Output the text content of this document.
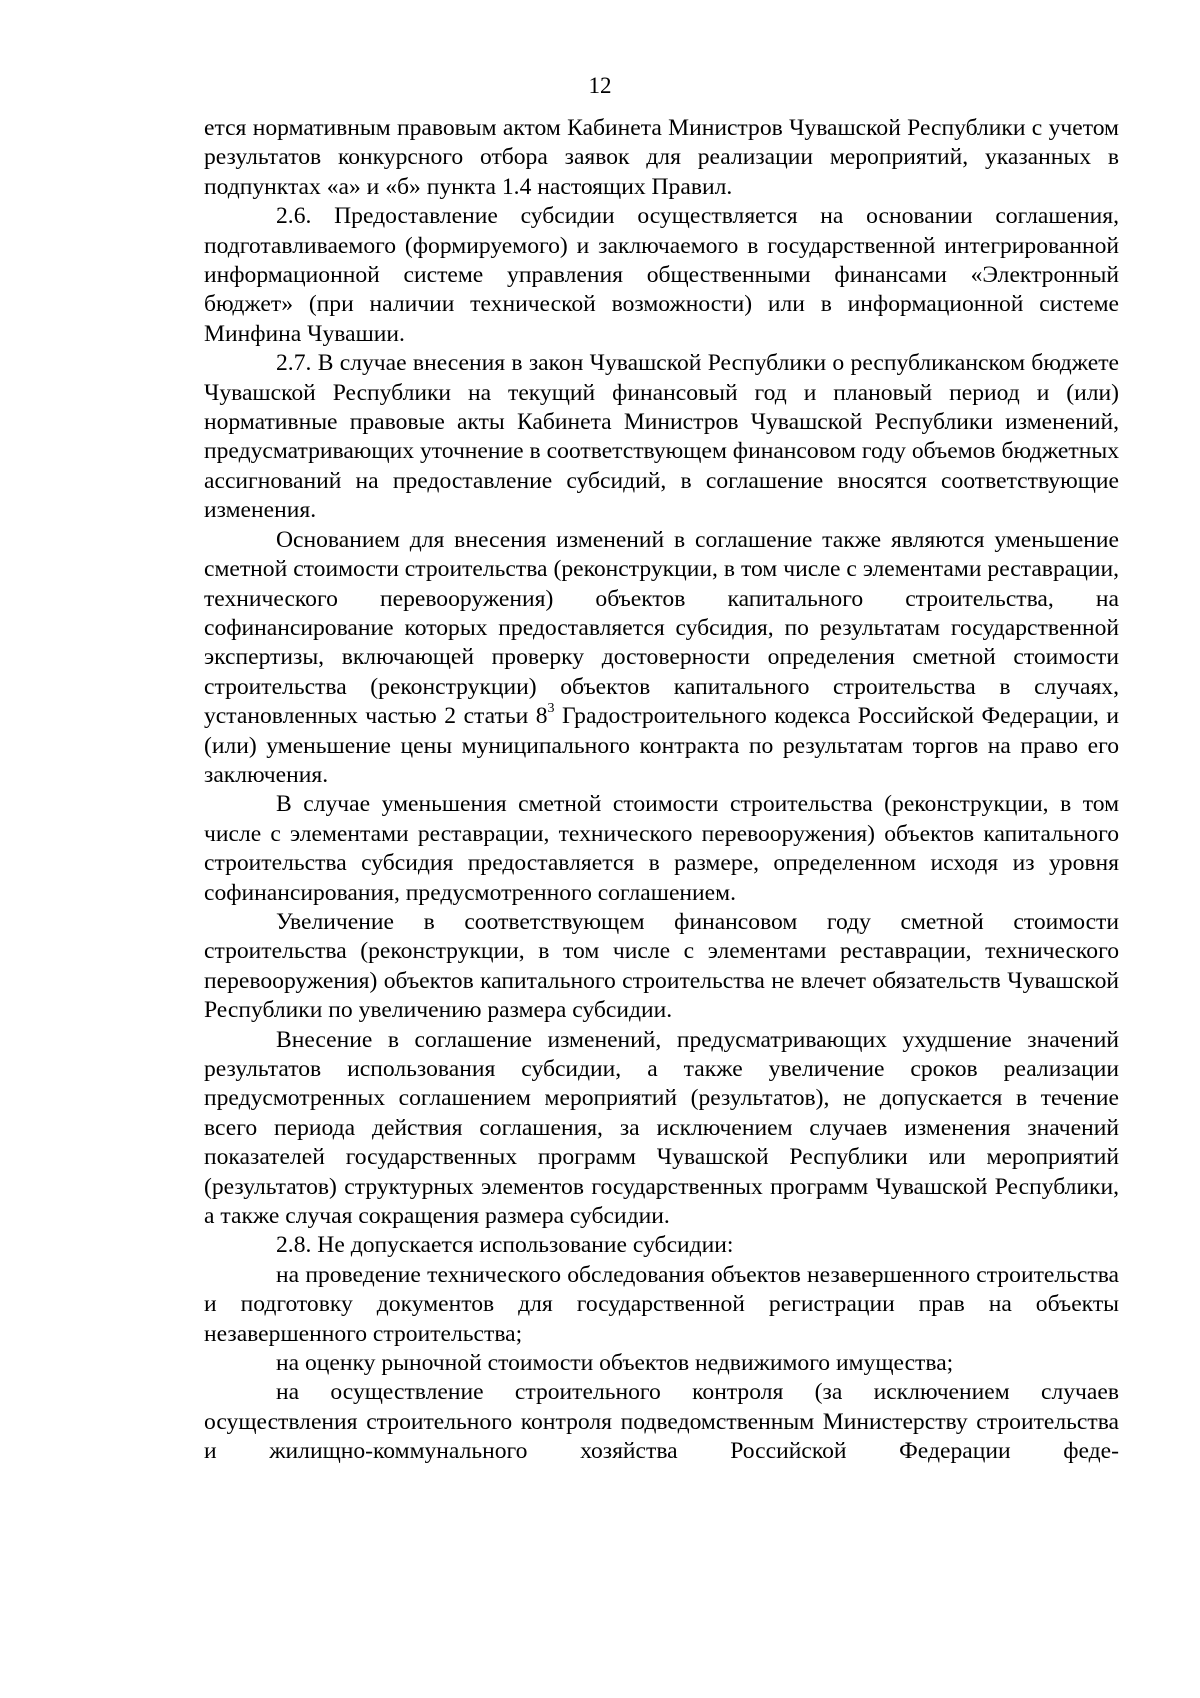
12

ется нормативным правовым актом Кабинета Министров Чувашской Республики с учетом результатов конкурсного отбора заявок для реализации мероприятий, указанных в подпунктах «а» и «б» пункта 1.4 настоящих Правил.

2.6. Предоставление субсидии осуществляется на основании соглашения, подготавливаемого (формируемого) и заключаемого в государственной интегрированной информационной системе управления общественными финансами «Электронный бюджет» (при наличии технической возможности) или в информационной системе Минфина Чувашии.

2.7. В случае внесения в закон Чувашской Республики о республиканском бюджете Чувашской Республики на текущий финансовый год и плановый период и (или) нормативные правовые акты Кабинета Министров Чувашской Республики изменений, предусматривающих уточнение в соответствующем финансовом году объемов бюджетных ассигнований на предоставление субсидий, в соглашение вносятся соответствующие изменения.

Основанием для внесения изменений в соглашение также являются уменьшение сметной стоимости строительства (реконструкции, в том числе с элементами реставрации, технического перевооружения) объектов капитального строительства, на софинансирование которых предоставляется субсидия, по результатам государственной экспертизы, включающей проверку достоверности определения сметной стоимости строительства (реконструкции) объектов капитального строительства в случаях, установленных частью 2 статьи $8^3$ Градостроительного кодекса Российской Федерации, и (или) уменьшение цены муниципального контракта по результатам торгов на право его заключения.

В случае уменьшения сметной стоимости строительства (реконструкции, в том числе с элементами реставрации, технического перевооружения) объектов капитального строительства субсидия предоставляется в размере, определенном исходя из уровня софинансирования, предусмотренного соглашением.

Увеличение в соответствующем финансовом году сметной стоимости строительства (реконструкции, в том числе с элементами реставрации, технического перевооружения) объектов капитального строительства не влечет обязательств Чувашской Республики по увеличению размера субсидии.

Внесение в соглашение изменений, предусматривающих ухудшение значений результатов использования субсидии, а также увеличение сроков реализации предусмотренных соглашением мероприятий (результатов), не допускается в течение всего периода действия соглашения, за исключением случаев изменения значений показателей государственных программ Чувашской Республики или мероприятий (результатов) структурных элементов государственных программ Чувашской Республики, а также случая сокращения размера субсидии.

2.8. Не допускается использование субсидии:

на проведение технического обследования объектов незавершенного строительства и подготовку документов для государственной регистрации прав на объекты незавершенного строительства;

на оценку рыночной стоимости объектов недвижимого имущества;

на осуществление строительного контроля (за исключением случаев осуществления строительного контроля подведомственным Министерству строительства и жилищно-коммунального хозяйства Российской Федерации феде-
